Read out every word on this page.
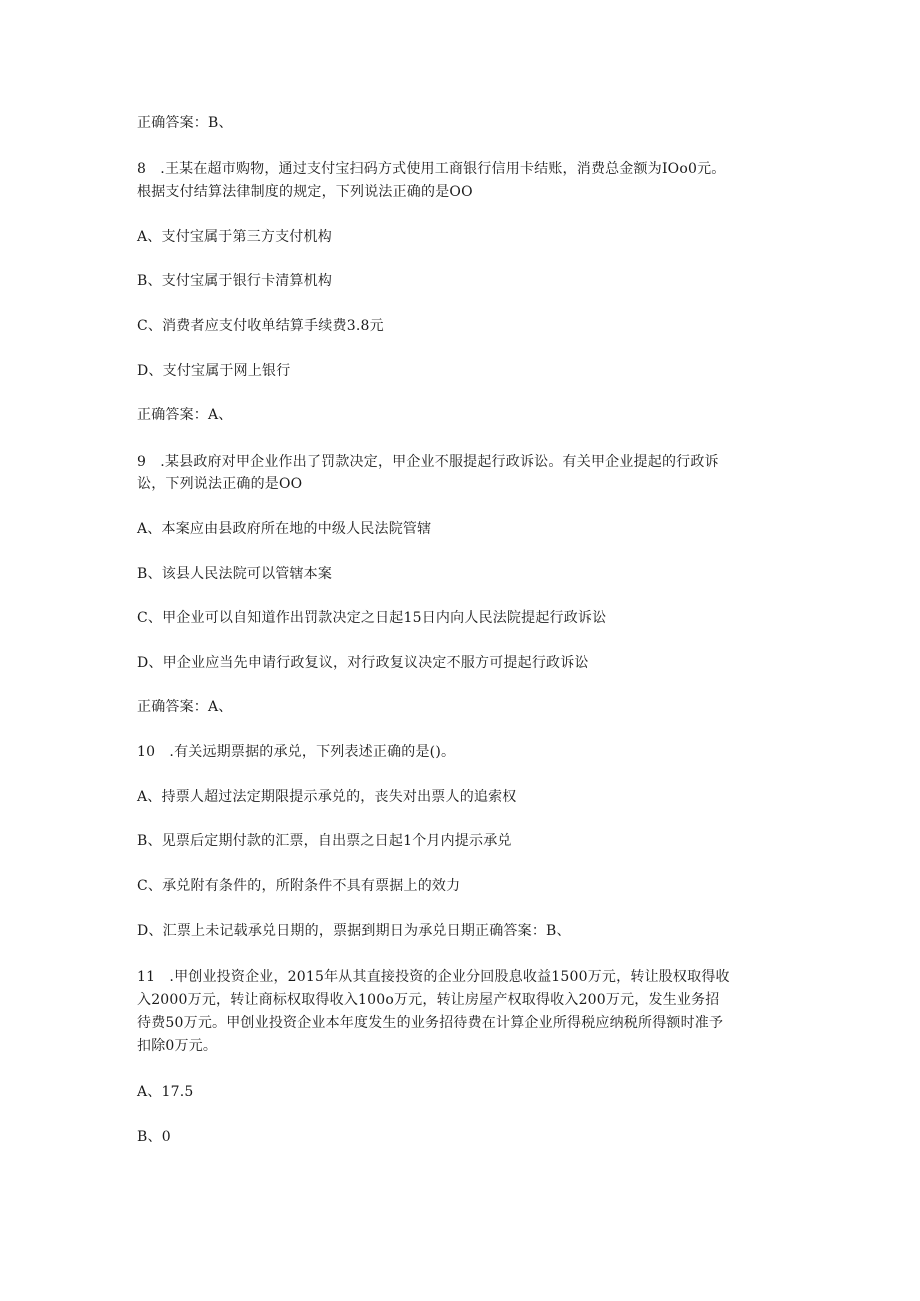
正确答案：B、
8　.王某在超市购物，通过支付宝扫码方式使用工商银行信用卡结账，消费总金额为IOo0元。
根据支付结算法律制度的规定，下列说法正确的是OO
A、支付宝属于第三方支付机构
B、支付宝属于银行卡清算机构
C、消费者应支付收单结算手续费3.8元
D、支付宝属于网上银行
正确答案：A、
9　.某县政府对甲企业作出了罚款决定，甲企业不服提起行政诉讼。有关甲企业提起的行政诉
讼，下列说法正确的是OO
A、本案应由县政府所在地的中级人民法院管辖
B、该县人民法院可以管辖本案
C、甲企业可以自知道作出罚款决定之日起15日内向人民法院提起行政诉讼
D、甲企业应当先申请行政复议，对行政复议决定不服方可提起行政诉讼
正确答案：A、
10　.有关远期票据的承兑，下列表述正确的是()。
A、持票人超过法定期限提示承兑的，丧失对出票人的追索权
B、见票后定期付款的汇票，自出票之日起1个月内提示承兑
C、承兑附有条件的，所附条件不具有票据上的效力
D、汇票上未记载承兑日期的，票据到期日为承兑日期正确答案：B、
11　.甲创业投资企业，2015年从其直接投资的企业分回股息收益1500万元，转让股权取得收
入2000万元，转让商标权取得收入100o万元，转让房屋产权取得收入200万元，发生业务招
待费50万元。甲创业投资企业本年度发生的业务招待费在计算企业所得税应纳税所得额时准予
扣除0万元。
A、17.5
B、0
